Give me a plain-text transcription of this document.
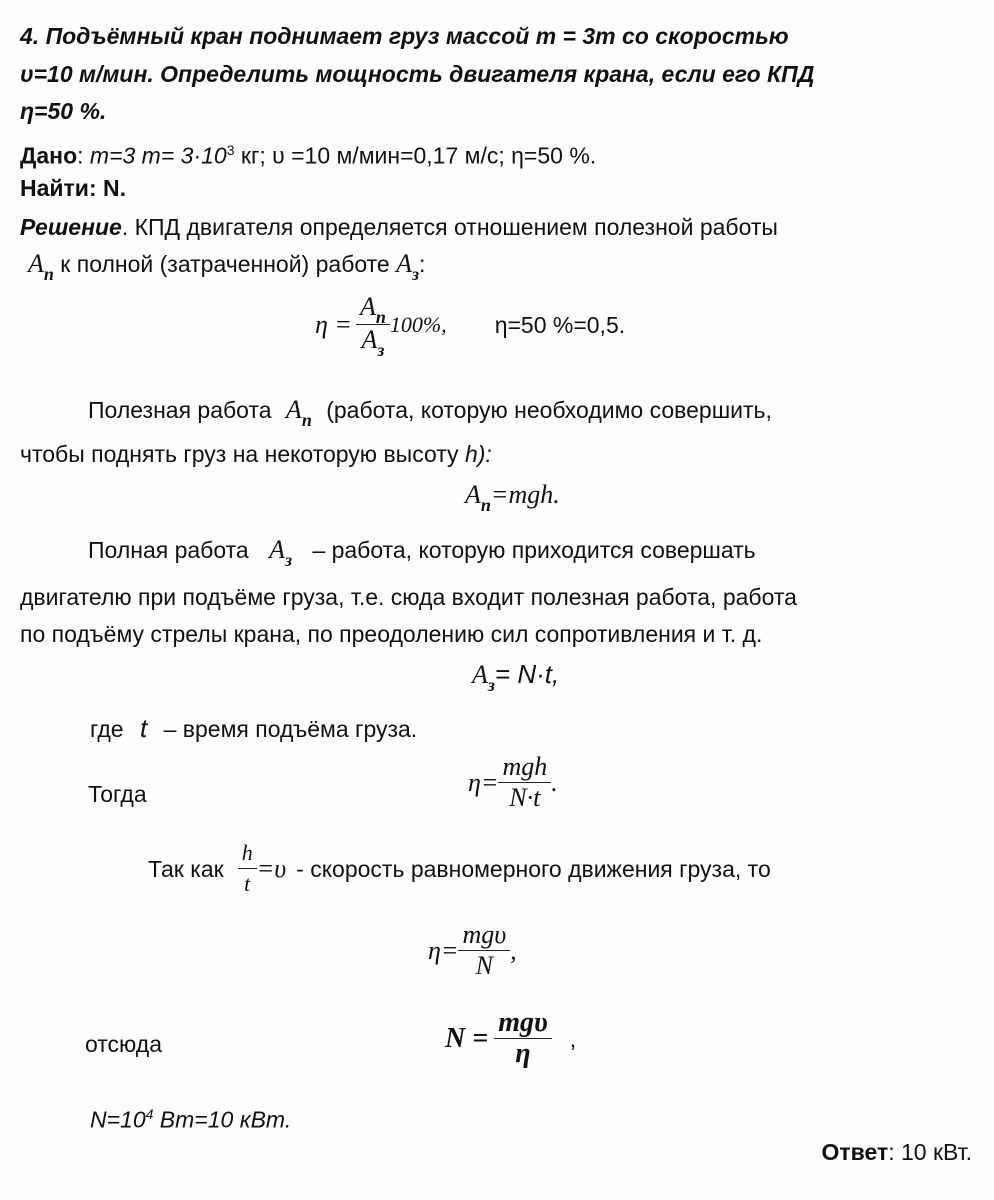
4. Подъёмный кран поднимает груз массой m = 3т со скоростью
υ=10 м/мин. Определить мощность двигателя крана, если его КПД
η=50 %.
Дано: m=3 $т= 3\cdot 10^3$ кг; υ =10 м/мин=0,17 м/с; η=50 %.
Найти: N.
Решение. КПД двигателя определяется отношением полезной работы
$A_n$ к полной (затраченной) работе $A_з$:
$\eta = \frac{A_n}{A_з} 100\%$, η=50 %=0,5.
Полезная работа $A_n$ (работа, которую необходимо совершить,
чтобы поднять груз на некоторую высоту h):
$A_n=mgh$.
Полная работа $A_з$ – работа, которую приходится совершать
двигателю при подъёме груза, т.е. сюда входит полезная работа, работа
по подъёму стрелы крана, по преодолению сил сопротивления и т. д.
$A_з= N\cdot t$,
где t – время подъёма груза.
Тогда	$\eta= \frac{\text{mgh}}{N\cdot t}$ .
Так как $\frac{h}{t} =\upsilon$ - скорость равномерного движения груза, то
$\eta= \frac{\text{mgυ}}{N}$ ,
отсюда	$N = \frac{\text{mgυ}}{\eta}$ ,
$N=10^4$ Вт=10 кВт.
Ответ: 10 кВт.
